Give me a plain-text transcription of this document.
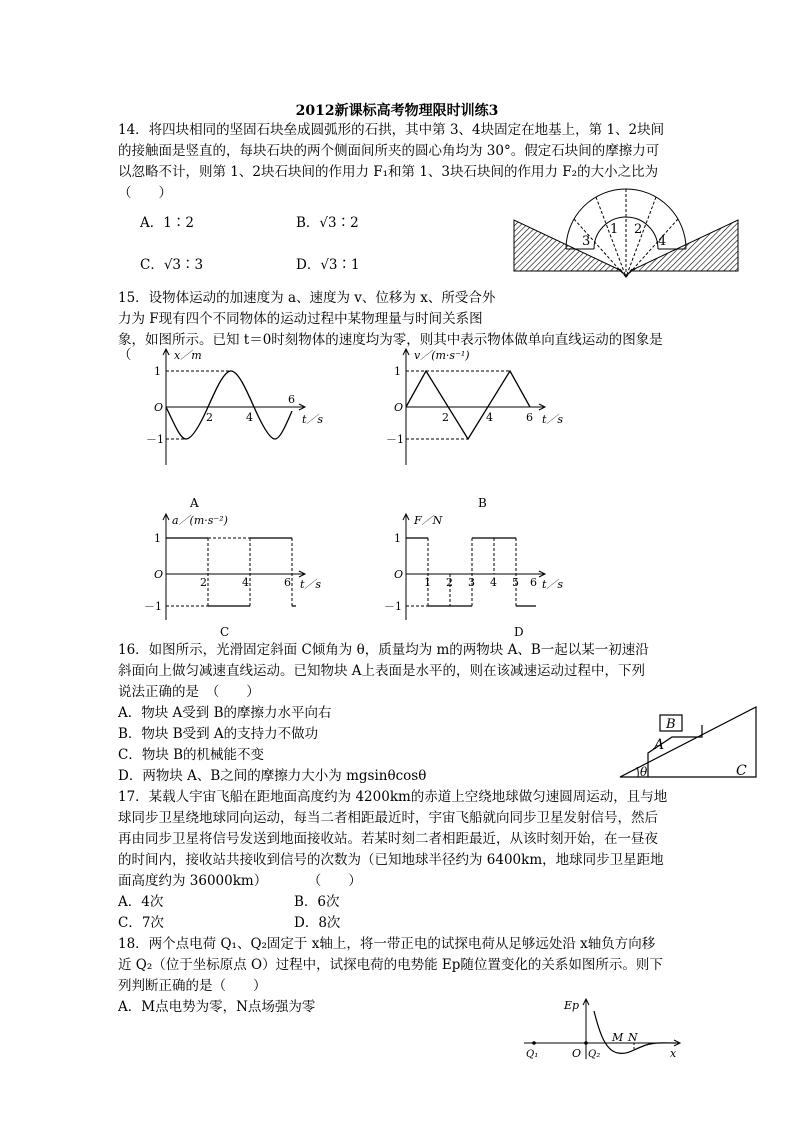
2012新课标高考物理限时训练3
14．将四块相同的坚固石块垒成圆弧形的石拱，其中第 3、4块固定在地基上，第 1、2块间
的接触面是竖直的，每块石块的两个侧面间所夹的圆心角均为 30°。假定石块间的摩擦力可
以忽略不计，则第 1、2块石块间的作用力 F₁和第 1、3块石块间的作用力 F₂的大小之比为
（　　）
A．1∶2	B．√3∶2
C．√3∶3	D．√3∶1
3
1 2
4
15．设物体运动的加速度为 a、速度为 v、位移为 x、所受合外
力为 F现有四个不同物体的运动过程中某物理量与时间关系图
象，如图所示。已知 t＝0时刻物体的速度均为零，则其中表示物体做单向直线运动的图象是
（	x／m
1
－1
O
2	4
6
t／s
A
v／(m·s⁻¹)
1
－1
O
2	4	6 t／s
B
a／(m·s⁻²)
1
－1
O
2	4	6 t／s
C
F／N
1
－1
O
1 2 3 4 5 6 t／s
D
16．如图所示，光滑固定斜面 C倾角为 θ，质量均为 m的两物块 A、B一起以某一初速沿
斜面向上做匀减速直线运动。已知物块 A上表面是水平的，则在该减速运动过程中，下列
说法正确的是　（　　）
A．物块 A受到 B的摩擦力水平向右
B．物块 B受到 A的支持力不做功
C．物块 B的机械能不变
D．两物块 A、B之间的摩擦力大小为 mgsinθcosθ
B
A
θ	C
17．某载人宇宙飞船在距地面高度约为 4200km的赤道上空绕地球做匀速圆周运动，且与地
球同步卫星绕地球同向运动，每当二者相距最近时，宇宙飞船就向同步卫星发射信号，然后
再由同步卫星将信号发送到地面接收站。若某时刻二者相距最近，从该时刻开始，在一昼夜
的时间内，接收站共接收到信号的次数为（已知地球半径约为 6400km，地球同步卫星距地
面高度约为 36000km）　　　　（　　）
A．4次	B．6次
C．7次	D．8次
18．两个点电荷 Q₁、Q₂固定于 x轴上，将一带正电的试探电荷从足够远处沿 x轴负方向移
近 Q₂（位于坐标原点 O）过程中，试探电荷的电势能 Ep随位置变化的关系如图所示。则下
列判断正确的是（　　）
A．M点电势为零，N点场强为零	Ep
Q₁	O Q₂
M N
x
